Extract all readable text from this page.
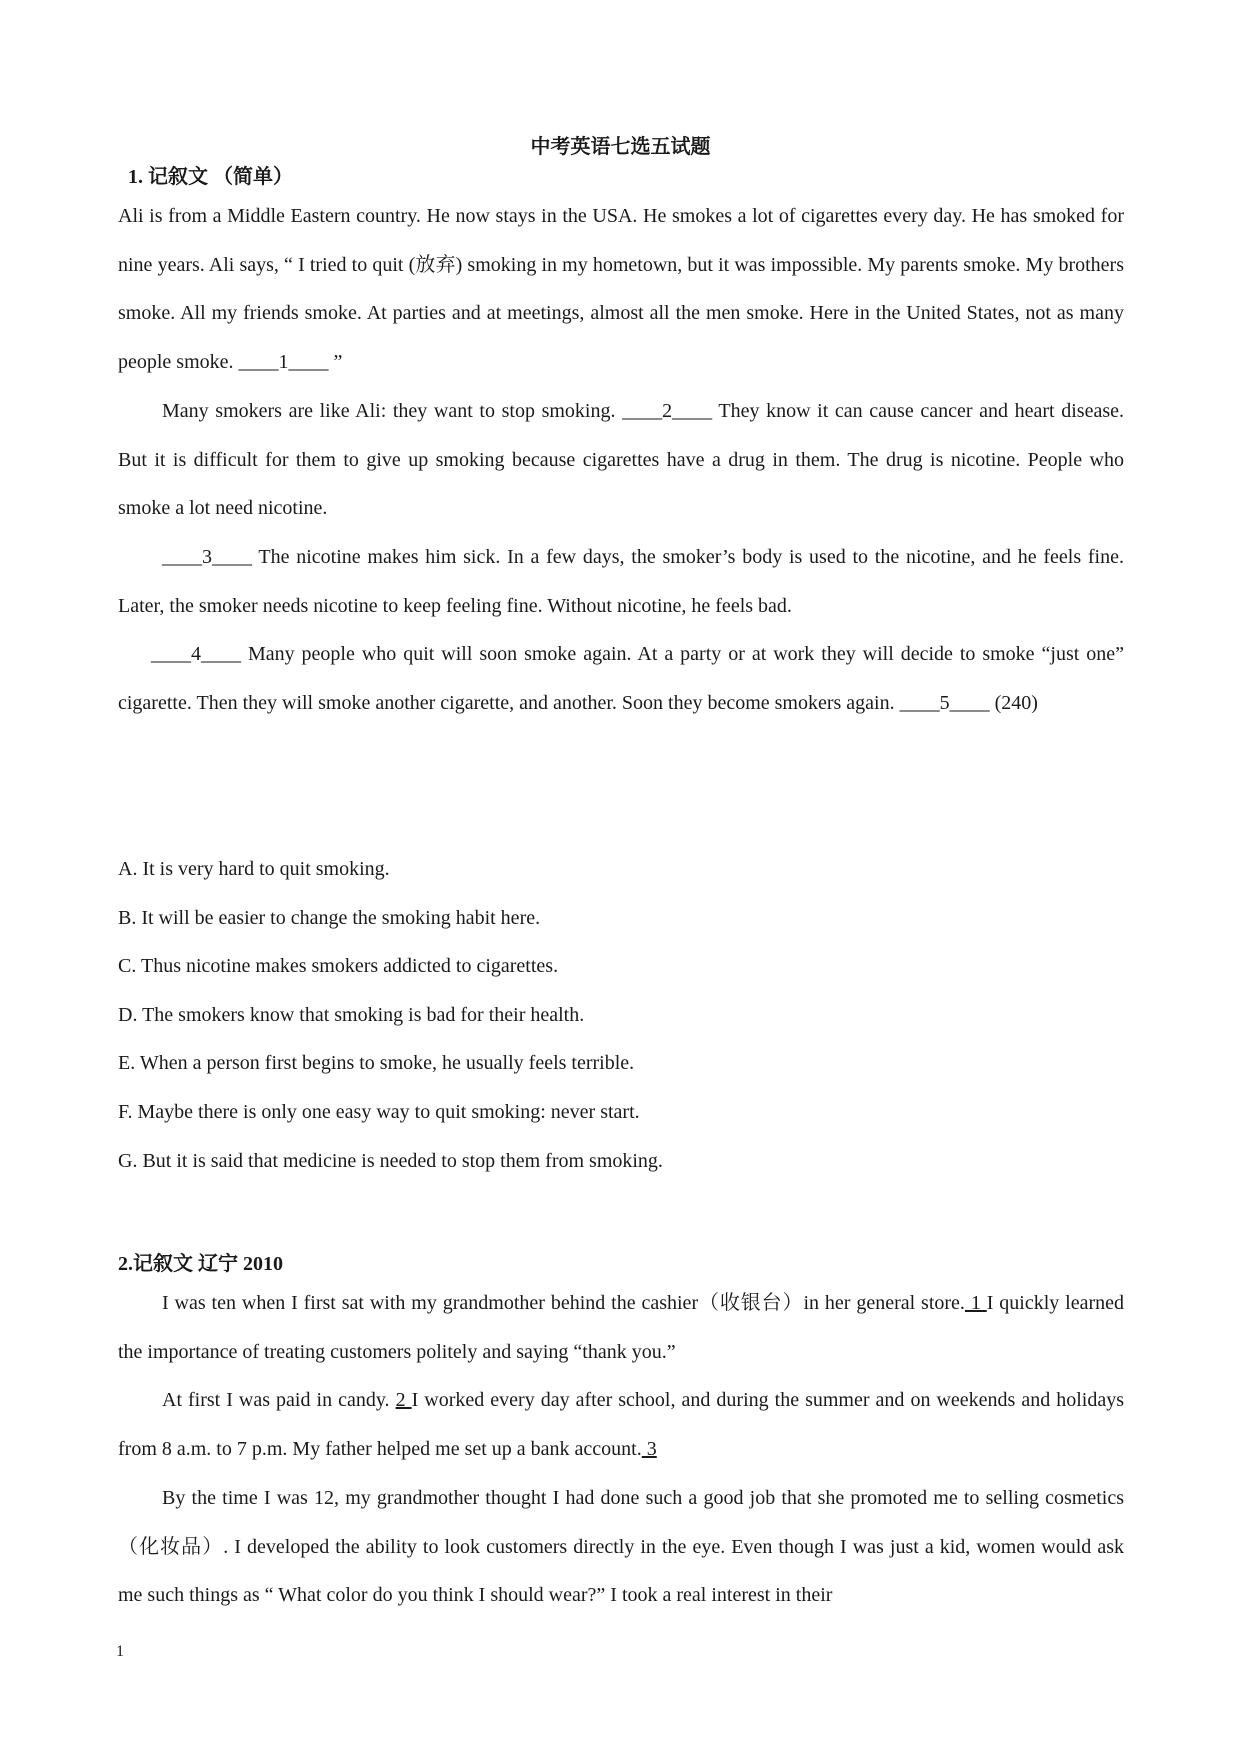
中考英语七选五试题
1. 记叙文 （简单）

Ali is from a Middle Eastern country. He now stays in the USA. He smokes a lot of cigarettes every day. He has smoked for nine years. Ali says, “ I tried to quit (放弃) smoking in my hometown, but it was impossible. My parents smoke. My brothers smoke. All my friends smoke. At parties and at meetings, almost all the men smoke. Here in the United States, not as many people smoke. ____1____ ”

Many smokers are like Ali: they want to stop smoking. ____2____ They know it can cause cancer and heart disease. But it is difficult for them to give up smoking because cigarettes have a drug in them. The drug is nicotine. People who smoke a lot need nicotine.

____3____ The nicotine makes him sick. In a few days, the smoker’s body is used to the nicotine, and he feels fine. Later, the smoker needs nicotine to keep feeling fine. Without nicotine, he feels bad.

____4____ Many people who quit will soon smoke again. At a party or at work they will decide to smoke “just one” cigarette. Then they will smoke another cigarette, and another. Soon they become smokers again. ____5____ (240)

A. It is very hard to quit smoking.
B. It will be easier to change the smoking habit here.
C. Thus nicotine makes smokers addicted to cigarettes.
D. The smokers know that smoking is bad for their health.
E. When a person first begins to smoke, he usually feels terrible.
F. Maybe there is only one easy way to quit smoking: never start.
G. But it is said that medicine is needed to stop them from smoking.
2.记叙文 辽宁 2010

I was ten when I first sat with my grandmother behind the cashier（收银台）in her general store. 1 I quickly learned the importance of treating customers politely and saying “thank you.”

At first I was paid in candy. 2 I worked every day after school, and during the summer and on weekends and holidays from 8 a.m. to 7 p.m. My father helped me set up a bank account. 3

By the time I was 12, my grandmother thought I had done such a good job that she promoted me to selling cosmetics（化妆品）. I developed the ability to look customers directly in the eye. Even though I was just a kid, women would ask me such things as “ What color do you think I should wear?” I took a real interest in their

1
